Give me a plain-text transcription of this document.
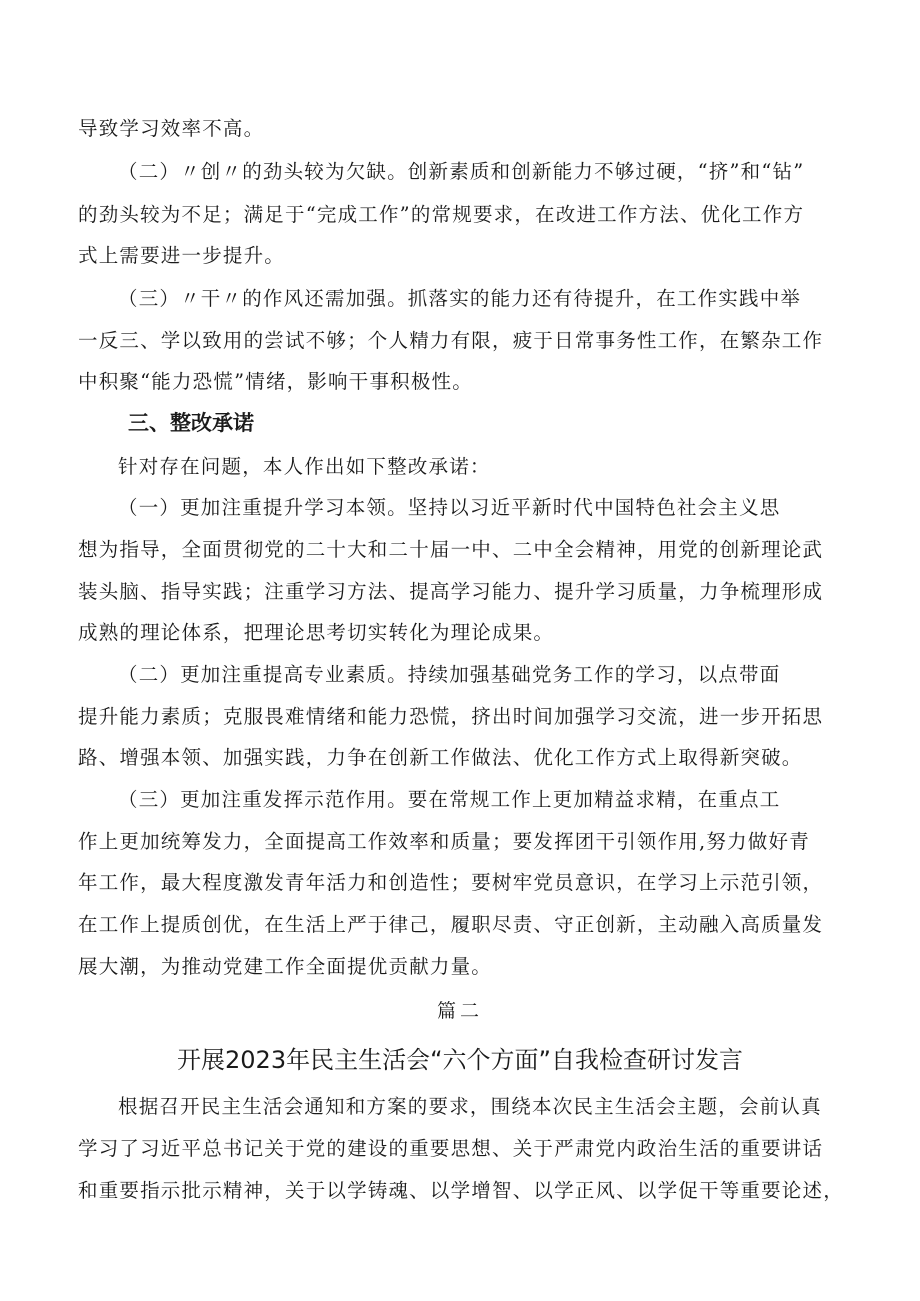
导致学习效率不高。
（二）〃创〃的劲头较为欠缺。创新素质和创新能力不够过硬，“挤”和“钻”
的劲头较为不足；满足于“完成工作”的常规要求，在改进工作方法、优化工作方
式上需要进一步提升。
（三）〃干〃的作风还需加强。抓落实的能力还有待提升，在工作实践中举
一反三、学以致用的尝试不够；个人精力有限，疲于日常事务性工作，在繁杂工作
中积聚“能力恐慌”情绪，影响干事积极性。
三、整改承诺
针对存在问题，本人作出如下整改承诺：
（一）更加注重提升学习本领。坚持以习近平新时代中国特色社会主义思
想为指导，全面贯彻党的二十大和二十届一中、二中全会精神，用党的创新理论武
装头脑、指导实践；注重学习方法、提高学习能力、提升学习质量，力争梳理形成
成熟的理论体系，把理论思考切实转化为理论成果。
（二）更加注重提高专业素质。持续加强基础党务工作的学习，以点带面
提升能力素质；克服畏难情绪和能力恐慌，挤出时间加强学习交流，进一步开拓思
路、增强本领、加强实践，力争在创新工作做法、优化工作方式上取得新突破。
（三）更加注重发挥示范作用。要在常规工作上更加精益求精，在重点工
作上更加统筹发力，全面提高工作效率和质量；要发挥团干引领作用,努力做好青
年工作，最大程度激发青年活力和创造性；要树牢党员意识，在学习上示范引领，
在工作上提质创优，在生活上严于律己，履职尽责、守正创新，主动融入高质量发
展大潮，为推动党建工作全面提优贡献力量。
篇二
开展2023年民主生活会“六个方面”自我检查研讨发言
根据召开民主生活会通知和方案的要求，围绕本次民主生活会主题，会前认真
学习了习近平总书记关于党的建设的重要思想、关于严肃党内政治生活的重要讲话
和重要指示批示精神，关于以学铸魂、以学增智、以学正风、以学促干等重要论述，
